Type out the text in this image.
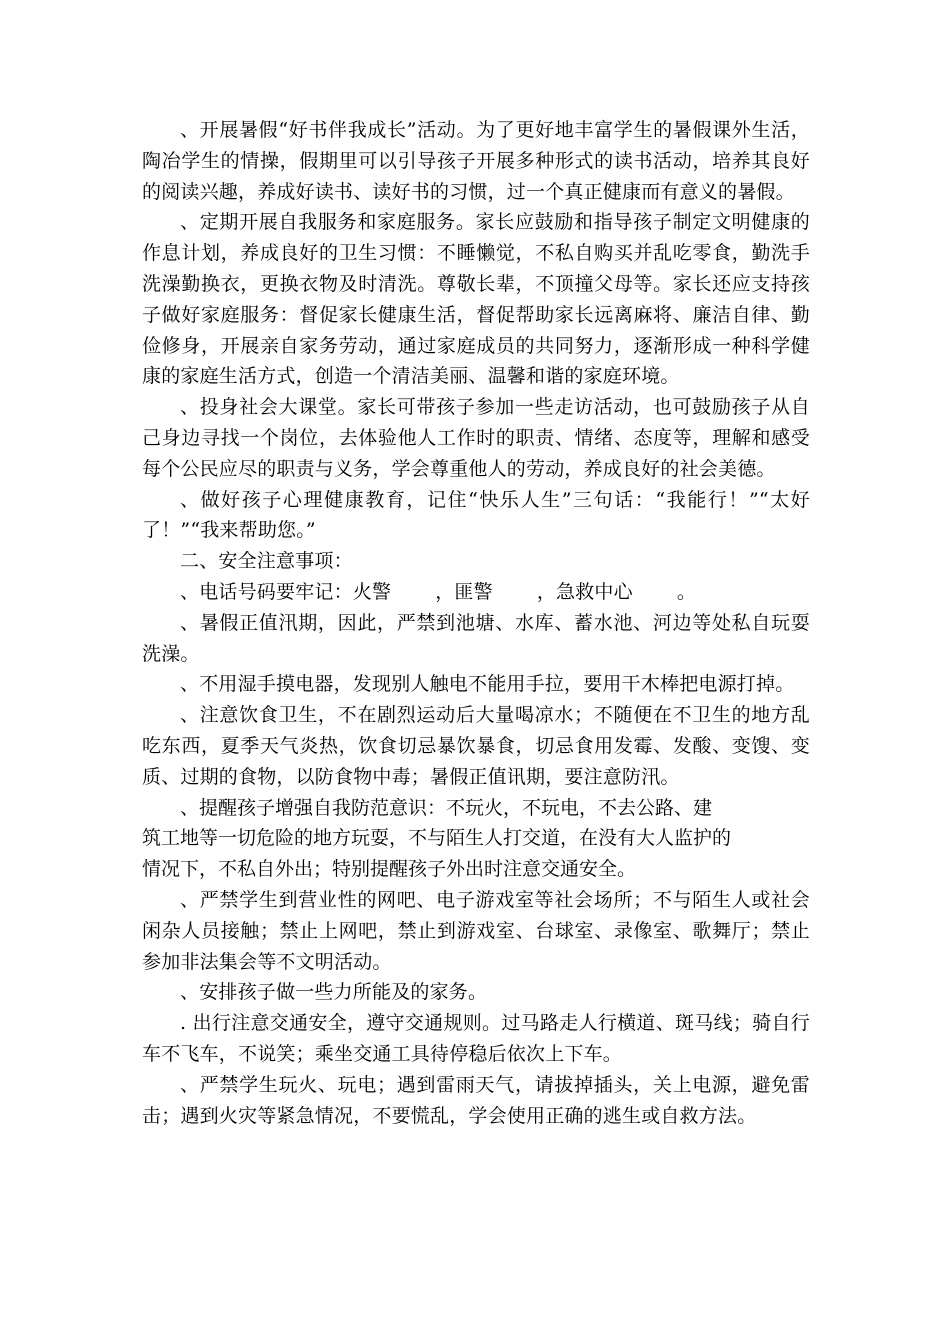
、开展暑假“好书伴我成长”活动。为了更好地丰富学生的暑假课外生活，陶冶学生的情操，假期里可以引导孩子开展多种形式的读书活动，培养其良好的阅读兴趣，养成好读书、读好书的习惯，过一个真正健康而有意义的暑假。

、定期开展自我服务和家庭服务。家长应鼓励和指导孩子制定文明健康的作息计划，养成良好的卫生习惯：不睡懒觉，不私自购买并乱吃零食，勤洗手洗澡勤换衣，更换衣物及时清洗。尊敬长辈，不顶撞父母等。家长还应支持孩子做好家庭服务：督促家长健康生活，督促帮助家长远离麻将、廉洁自律、勤俭修身，开展亲自家务劳动，通过家庭成员的共同努力，逐渐形成一种科学健康的家庭生活方式，创造一个清洁美丽、温馨和谐的家庭环境。

、投身社会大课堂。家长可带孩子参加一些走访活动，也可鼓励孩子从自己身边寻找一个岗位，去体验他人工作时的职责、情绪、态度等，理解和感受每个公民应尽的职责与义务，学会尊重他人的劳动，养成良好的社会美德。

、做好孩子心理健康教育，记住“快乐人生”三句话：“我能行！”“太好了！”“我来帮助您。”

二、安全注意事项：

、电话号码要牢记：火警 ，匪警 ，急救中心 。

、暑假正值汛期，因此，严禁到池塘、水库、蓄水池、河边等处私自玩耍洗澡。

、不用湿手摸电器，发现别人触电不能用手拉，要用干木棒把电源打掉。

、注意饮食卫生，不在剧烈运动后大量喝凉水；不随便在不卫生的地方乱吃东西，夏季天气炎热，饮食切忌暴饮暴食，切忌食用发霉、发酸、变馊、变质、过期的食物，以防食物中毒；暑假正值讯期，要注意防汛。

、提醒孩子增强自我防范意识：不玩火，不玩电，不去公路、建
筑工地等一切危险的地方玩耍，不与陌生人打交道，在没有大人监护的
情况下，不私自外出；特别提醒孩子外出时注意交通安全。

、严禁学生到营业性的网吧、电子游戏室等社会场所；不与陌生人或社会闲杂人员接触；禁止上网吧，禁止到游戏室、台球室、录像室、歌舞厅；禁止参加非法集会等不文明活动。

、安排孩子做一些力所能及的家务。

. 出行注意交通安全，遵守交通规则。过马路走人行横道、斑马线；骑自行车不飞车，不说笑；乘坐交通工具待停稳后依次上下车。

、严禁学生玩火、玩电；遇到雷雨天气，请拔掉插头，关上电源，避免雷击；遇到火灾等紧急情况，不要慌乱，学会使用正确的逃生或自救方法。
